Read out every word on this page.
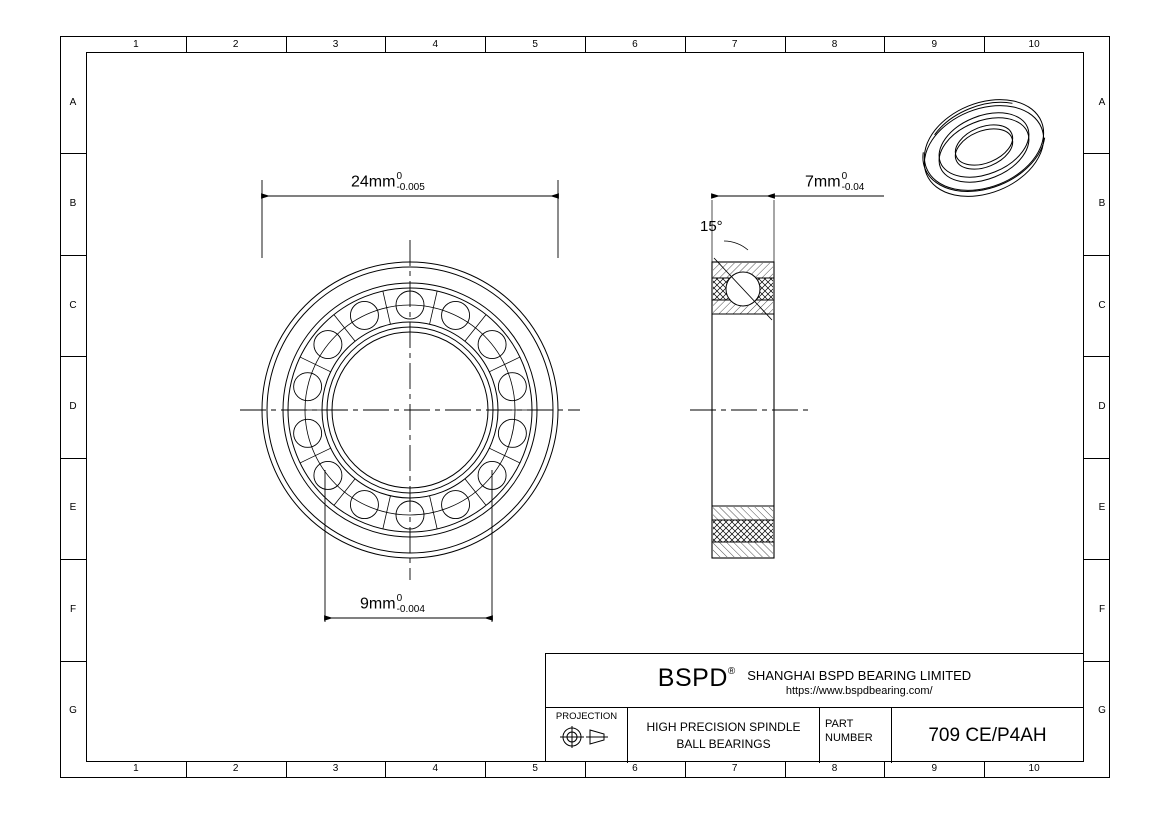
1	2	3	4	5	6	7	8	9	10
1	2	3	4	5	6	7	8	9	10
A
B
C
D
E
F
G
A
B
C
D
E
F
G
24mm 0
-0.005
9mm 0
-0.004
7mm 0
-0.04
15°
BSPD ® SHANGHAI BSPD BEARING LIMITED
https://www.bspdbearing.com/
PROJECTION
HIGH PRECISION SPINDLE
BALL BEARINGS
PART
NUMBER	709 CE/P4AH
